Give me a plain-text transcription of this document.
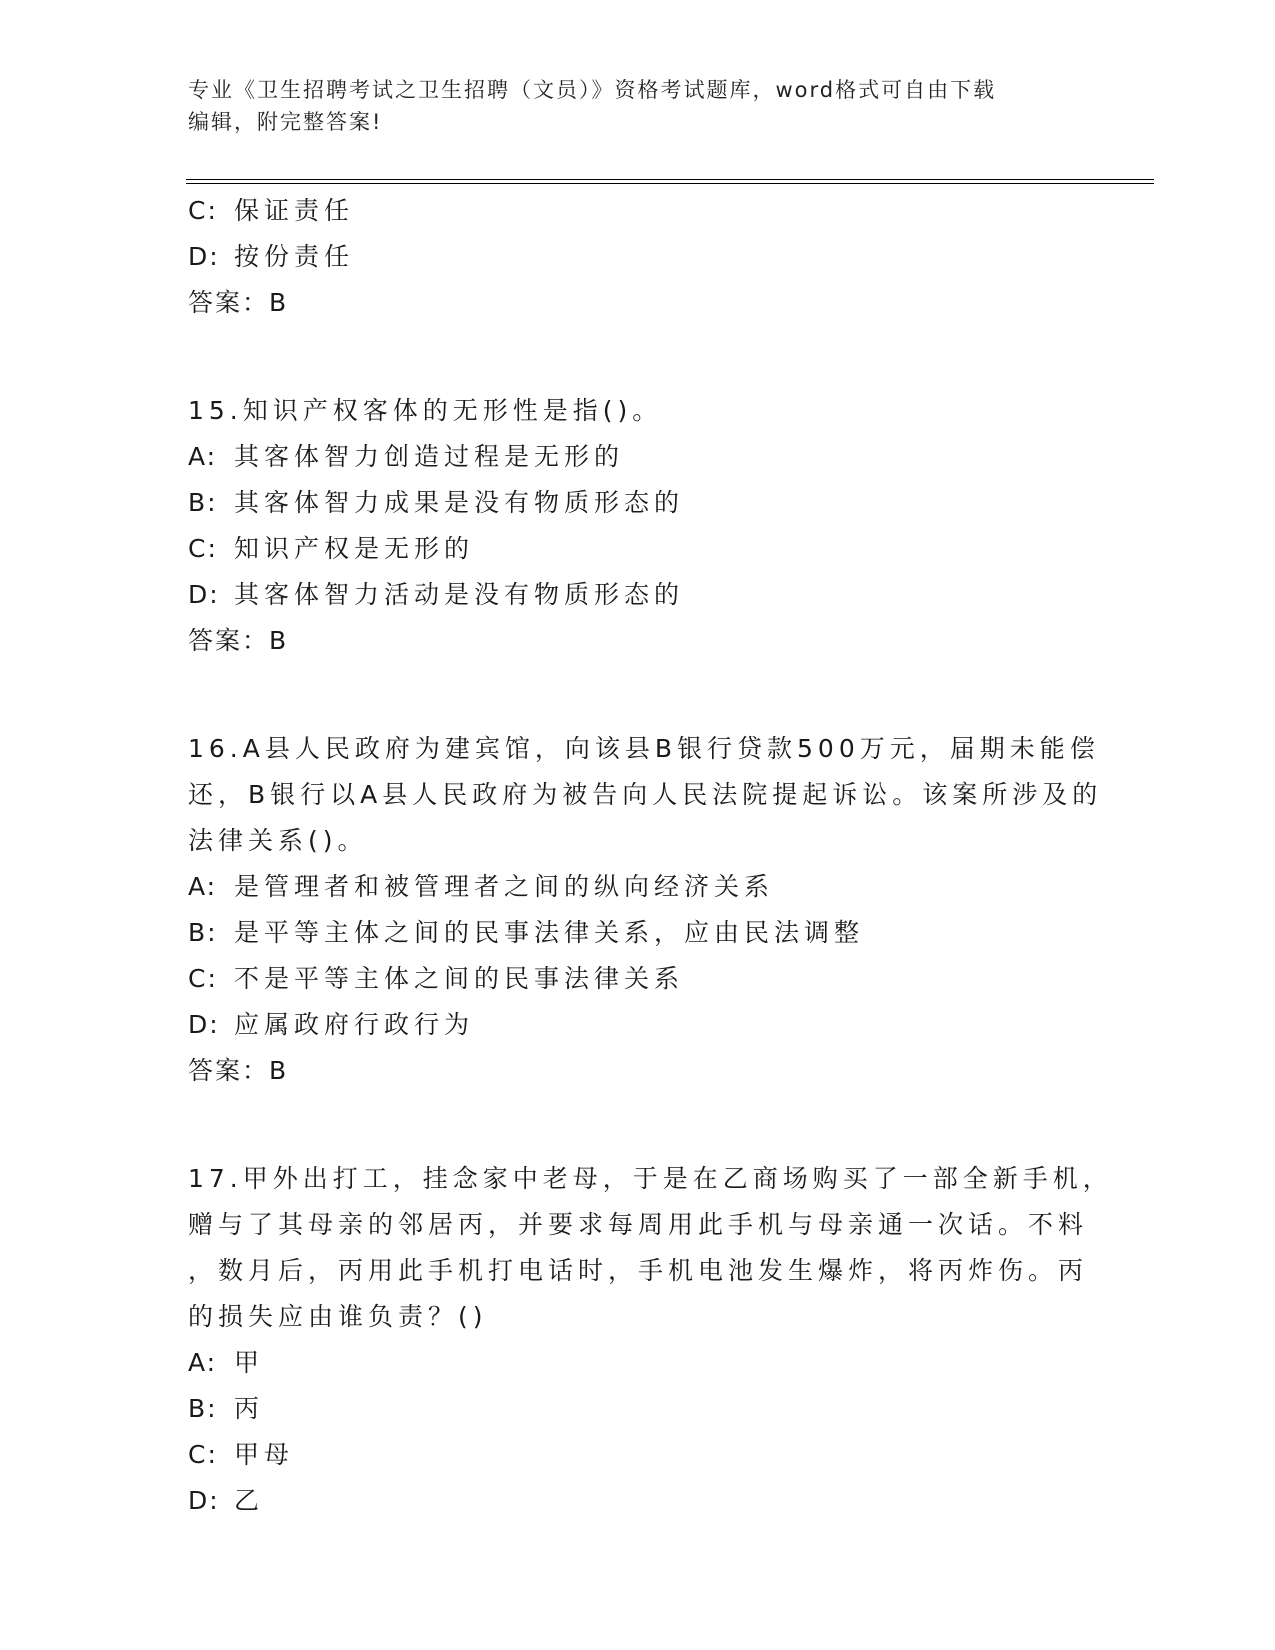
专业《卫生招聘考试之卫生招聘（文员）》资格考试题库，word格式可自由下载
编辑，附完整答案!
C: 保证责任
D: 按份责任
答案：B
15.知识产权客体的无形性是指()。
A: 其客体智力创造过程是无形的
B: 其客体智力成果是没有物质形态的
C: 知识产权是无形的
D: 其客体智力活动是没有物质形态的
答案：B
16.A县人民政府为建宾馆，向该县B银行贷款500万元，届期未能偿
还，B银行以A县人民政府为被告向人民法院提起诉讼。该案所涉及的
法律关系()。
A: 是管理者和被管理者之间的纵向经济关系
B: 是平等主体之间的民事法律关系，应由民法调整
C: 不是平等主体之间的民事法律关系
D: 应属政府行政行为
答案：B
17.甲外出打工，挂念家中老母，于是在乙商场购买了一部全新手机，
赠与了其母亲的邻居丙，并要求每周用此手机与母亲通一次话。不料
，数月后，丙用此手机打电话时，手机电池发生爆炸，将丙炸伤。丙
的损失应由谁负责？()
A: 甲
B: 丙
C: 甲母
D: 乙
